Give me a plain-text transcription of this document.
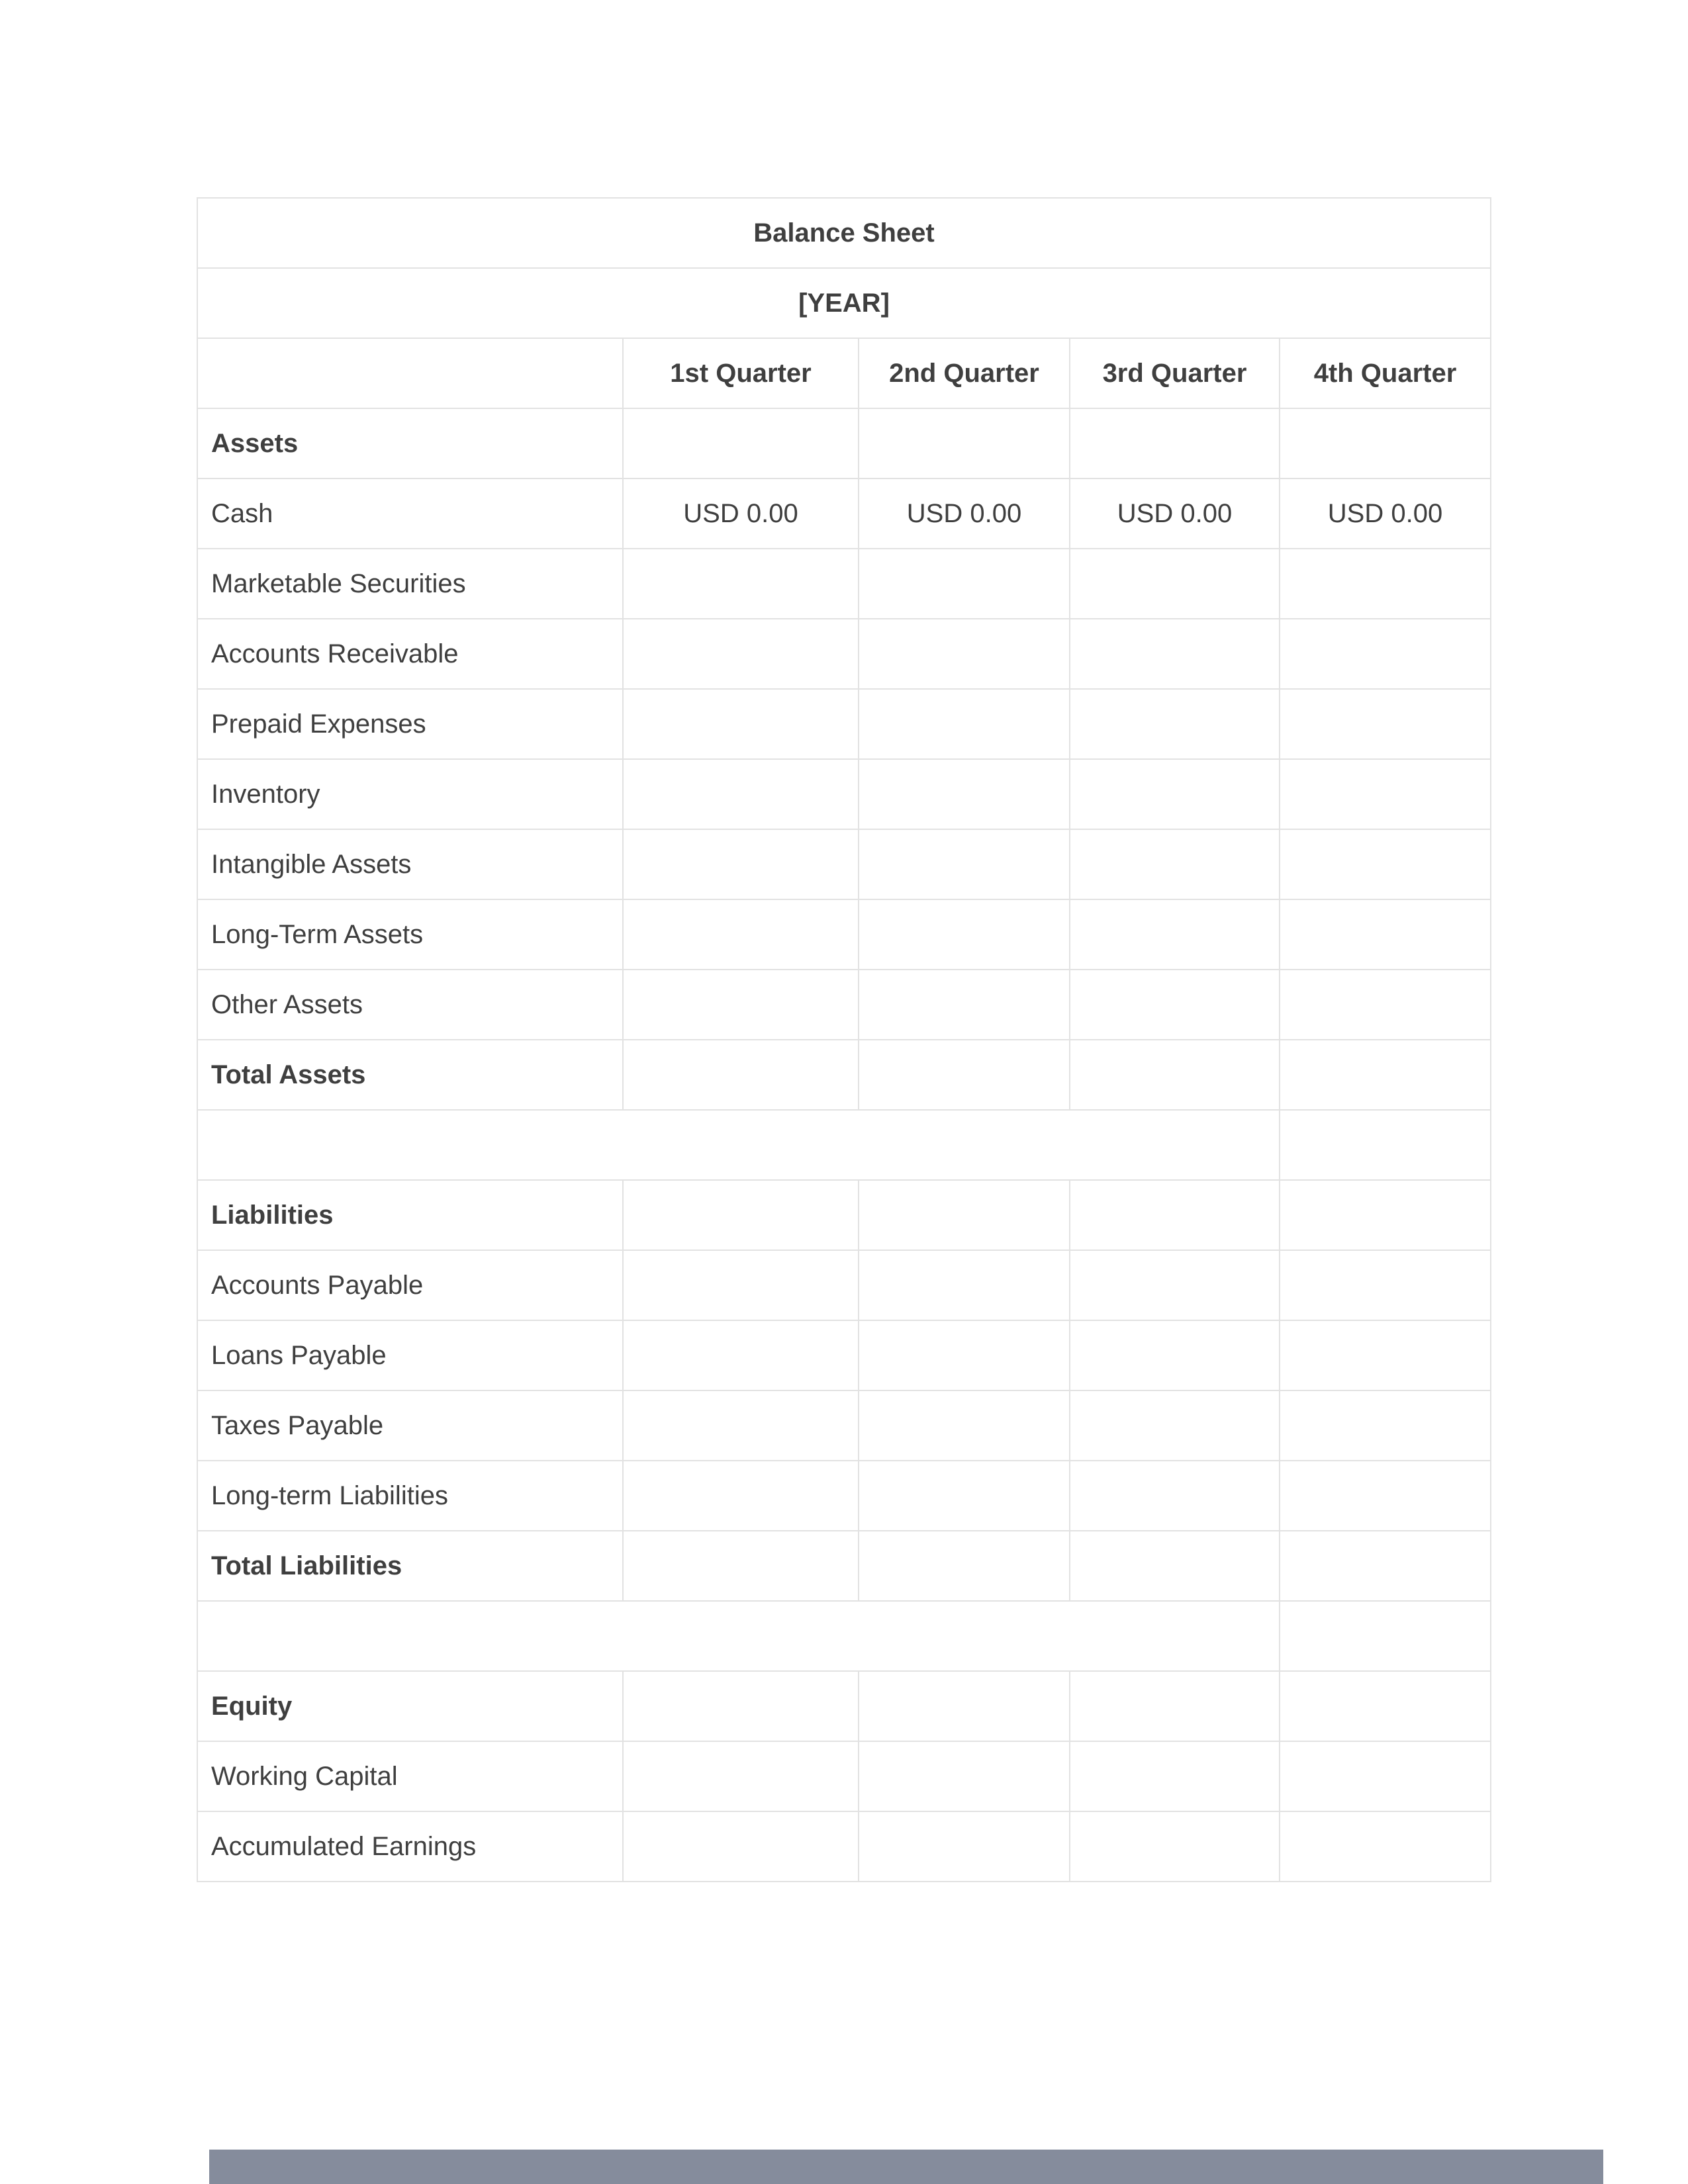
Balance Sheet				
[YEAR]				
	1st Quarter	2nd Quarter	3rd Quarter	4th Quarter
Assets				
Cash	USD 0.00	USD 0.00	USD 0.00	USD 0.00
Marketable Securities				
Accounts Receivable				
Prepaid Expenses				
Inventory				
Intangible Assets				
Long-Term Assets				
Other Assets				
Total Assets				

Liabilities				
Accounts Payable				
Loans Payable				
Taxes Payable				
Long-term Liabilities				
Total Liabilities				

Equity				
Working Capital				
Accumulated Earnings				
